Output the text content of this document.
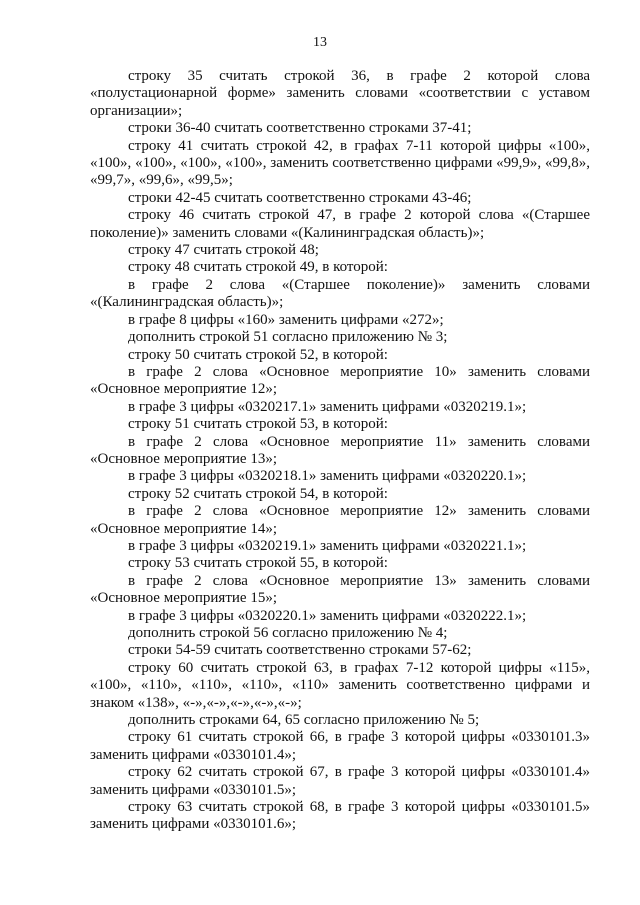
13

строку 35 считать строкой 36, в графе 2 которой слова «полустационарной форме» заменить словами «соответствии с уставом организации»;

строки 36-40 считать соответственно строками 37-41;

строку 41 считать строкой 42, в графах 7-11 которой цифры «100», «100», «100», «100», «100», заменить соответственно цифрами «99,9», «99,8», «99,7», «99,6», «99,5»;

строки 42-45 считать соответственно строками 43-46;

строку 46 считать строкой 47, в графе 2 которой слова «(Старшее поколение)» заменить словами «(Калининградская область)»;

строку 47 считать строкой 48;

строку 48 считать строкой 49, в которой:

в графе 2 слова «(Старшее поколение)» заменить словами «(Калининградская область)»;

в графе 8 цифры «160» заменить цифрами «272»;

дополнить строкой 51 согласно приложению № 3;

строку 50 считать строкой 52, в которой:

в графе 2 слова «Основное мероприятие 10» заменить словами «Основное мероприятие 12»;

в графе 3 цифры «0320217.1» заменить цифрами «0320219.1»;

строку 51 считать строкой 53, в которой:

в графе 2 слова «Основное мероприятие 11» заменить словами «Основное мероприятие 13»;

в графе 3 цифры «0320218.1» заменить цифрами «0320220.1»;

строку 52 считать строкой 54, в которой:

в графе 2 слова «Основное мероприятие 12» заменить словами «Основное мероприятие 14»;

в графе 3 цифры «0320219.1» заменить цифрами «0320221.1»;

строку 53 считать строкой 55, в которой:

в графе 2 слова «Основное мероприятие 13» заменить словами «Основное мероприятие 15»;

в графе 3 цифры «0320220.1» заменить цифрами «0320222.1»;

дополнить строкой 56 согласно приложению № 4;

строки 54-59 считать соответственно строками 57-62;

строку 60 считать строкой 63, в графах 7-12 которой цифры «115», «100», «110», «110», «110», «110» заменить соответственно цифрами и знаком «138», «-»,«-»,«-»,«-»,«-»;

дополнить строками 64, 65 согласно приложению № 5;

строку 61 считать строкой 66, в графе 3 которой цифры «0330101.3» заменить цифрами «0330101.4»;

строку 62 считать строкой 67, в графе 3 которой цифры «0330101.4» заменить цифрами «0330101.5»;

строку 63 считать строкой 68, в графе 3 которой цифры «0330101.5» заменить цифрами «0330101.6»;
